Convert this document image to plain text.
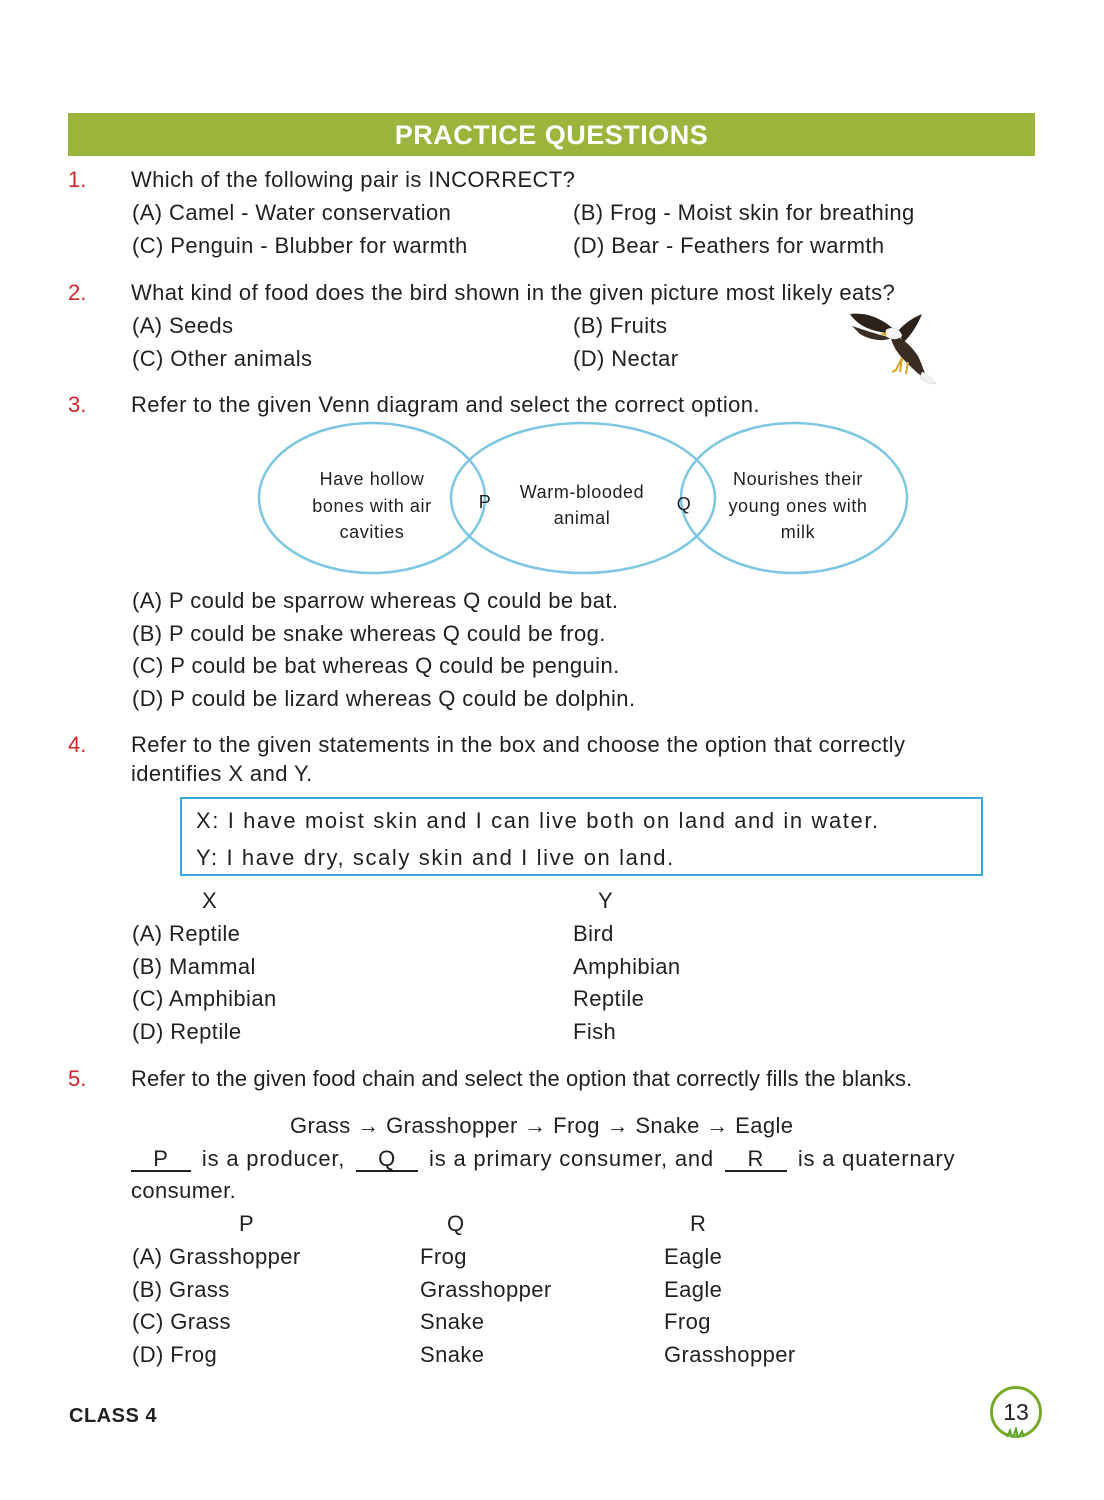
PRACTICE QUESTIONS
1. Which of the following pair is INCORRECT?
(A) Camel - Water conservation	(B) Frog - Moist skin for breathing
(C) Penguin - Blubber for warmth	(D) Bear - Feathers for warmth
2. What kind of food does the bird shown in the given picture most likely eats?
(A) Seeds	(B) Fruits
(C) Other animals	(D) Nectar
3. Refer to the given Venn diagram and select the correct option.
Have hollow
bones with air
cavities
Warm-blooded
animal
Nourishes their
young ones with
milk
P	Q
(A) P could be sparrow whereas Q could be bat.
(B) P could be snake whereas Q could be frog.
(C) P could be bat whereas Q could be penguin.
(D) P could be lizard whereas Q could be dolphin.
4. Refer to the given statements in the box and choose the option that correctly
identifies X and Y.
X: I have moist skin and I can live both on land and in water.
Y: I have dry, scaly skin and I live on land.
X	Y
(A) Reptile	Bird
(B) Mammal	Amphibian
(C) Amphibian	Reptile
(D) Reptile	Fish
5. Refer to the given food chain and select the option that correctly fills the blanks.
Grass → Grasshopper → Frog → Snake → Eagle
P is a producer, Q is a primary consumer, and R is a quaternary
consumer.
P	Q	R
(A) Grasshopper	Frog	Eagle
(B) Grass	Grasshopper	Eagle
(C) Grass	Snake	Frog
(D) Frog	Snake	Grasshopper
CLASS 4	13
